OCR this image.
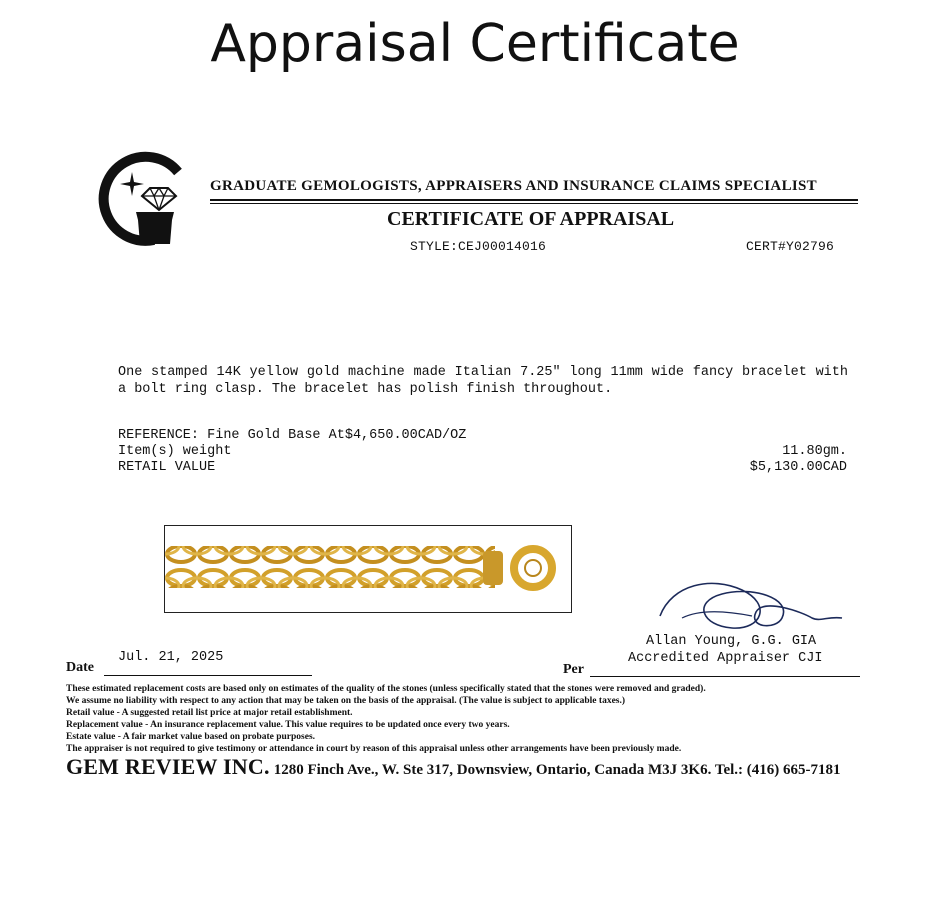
Appraisal Certificate
GRADUATE GEMOLOGISTS, APPRAISERS AND INSURANCE CLAIMS SPECIALIST
CERTIFICATE OF APPRAISAL
STYLE:CEJ00014016	CERT#Y02796
One stamped 14K yellow gold machine made Italian 7.25" long 11mm wide fancy bracelet with a bolt ring clasp. The bracelet has polish finish throughout.
REFERENCE: Fine Gold Base At$4,650.00CAD/OZ
Item(s) weight	11.80gm.
RETAIL VALUE	$5,130.00CAD
Allan Young, G.G. GIA
Accredited Appraiser CJI
Jul. 21, 2025
Date	Per
These estimated replacement costs are based only on estimates of the quality of the stones (unless specifically stated that the stones were removed and graded).
We assume no liability with respect to any action that may be taken on the basis of the appraisal. (The value is subject to applicable taxes.)
Retail value - A suggested retail list price at major retail establishment.
Replacement value - An insurance replacement value. This value requires to be updated once every two years.
Estate value - A fair market value based on probate purposes.
The appraiser is not required to give testimony or attendance in court by reason of this appraisal unless other arrangements have been previously made.
GEM REVIEW INC. 1280 Finch Ave., W. Ste 317, Downsview, Ontario, Canada M3J 3K6. Tel.: (416) 665-7181
